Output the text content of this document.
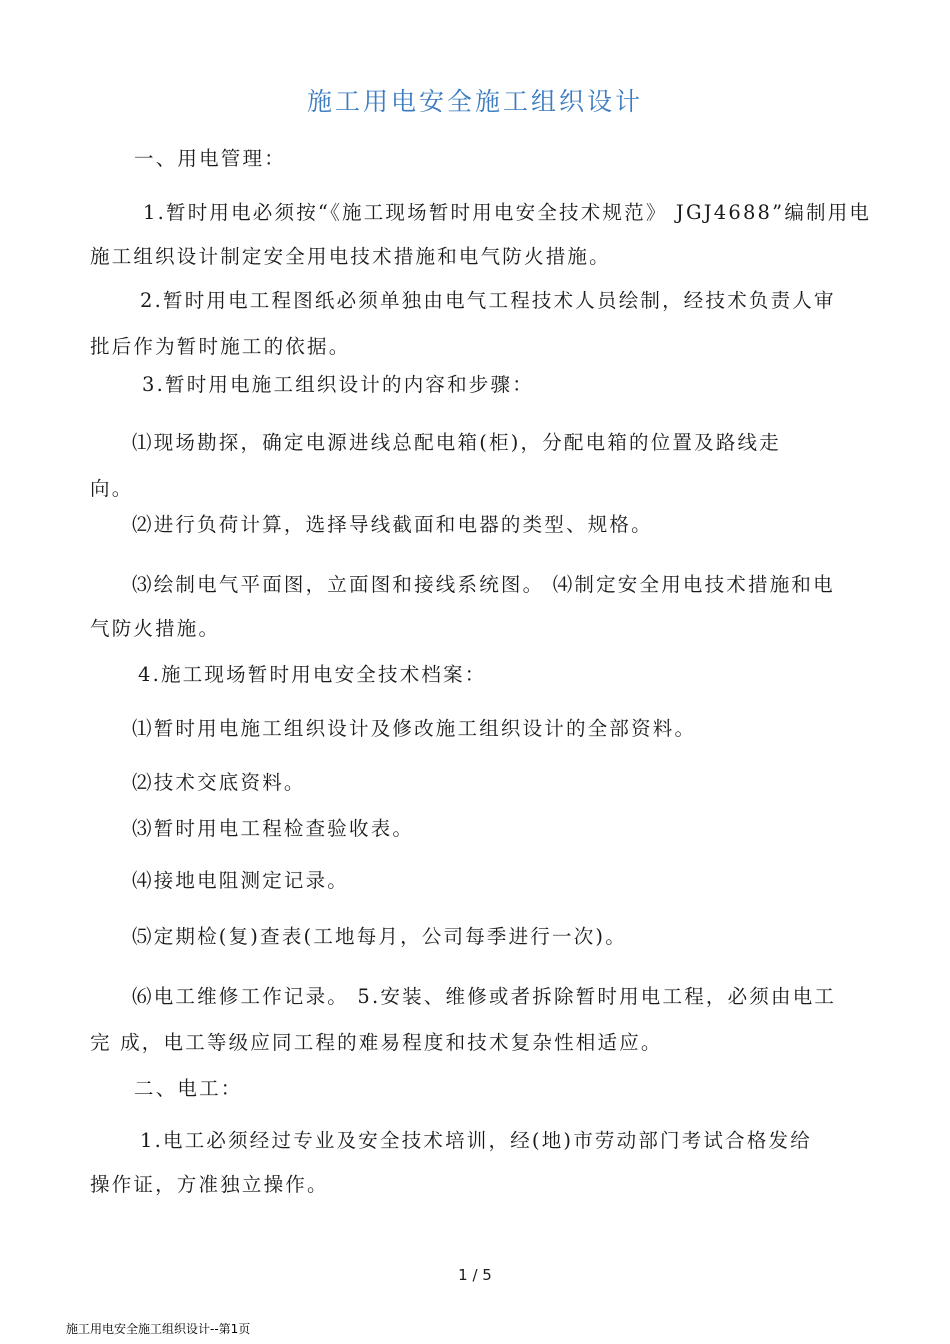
施工用电安全施工组织设计
一、用电管理：
1.暂时用电必须按“《施工现场暂时用电安全技术规范》 JGJ4688”编制用电
施工组织设计制定安全用电技术措施和电气防火措施。
2.暂时用电工程图纸必须单独由电气工程技术人员绘制，经技术负责人审
批后作为暂时施工的依据。
3.暂时用电施工组织设计的内容和步骤：
⑴现场勘探，确定电源进线总配电箱(柜)，分配电箱的位置及路线走
向。
⑵进行负荷计算，选择导线截面和电器的类型、规格。
⑶绘制电气平面图，立面图和接线系统图。 ⑷制定安全用电技术措施和电
气防火措施。
4.施工现场暂时用电安全技术档案：
⑴暂时用电施工组织设计及修改施工组织设计的全部资料。
⑵技术交底资料。
⑶暂时用电工程检查验收表。
⑷接地电阻测定记录。
⑸定期检(复)查表(工地每月，公司每季进行一次)。
⑹电工维修工作记录。 5.安装、维修或者拆除暂时用电工程，必须由电工
完 成，电工等级应同工程的难易程度和技术复杂性相适应。
二、电工：
1.电工必须经过专业及安全技术培训，经(地)市劳动部门考试合格发给
操作证，方准独立操作。
1 / 5
施工用电安全施工组织设计--第1页
